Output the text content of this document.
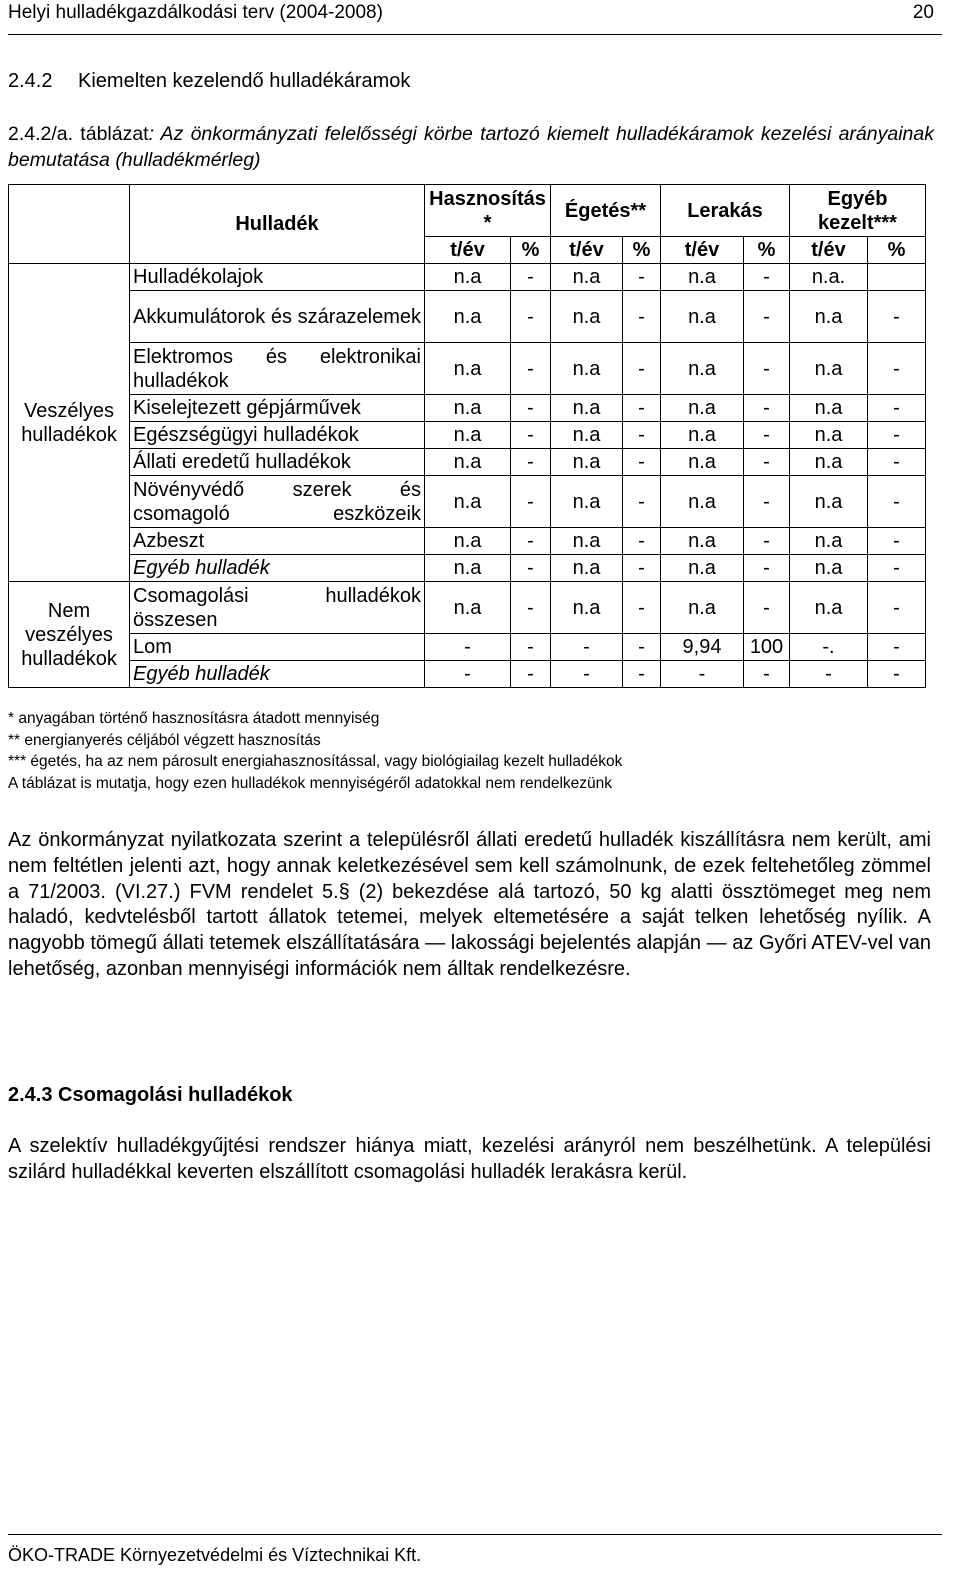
Helyi hulladékgazdálkodási terv (2004-2008)	20
2.4.2 Kiemelten kezelendő hulladékáramok
2.4.2/a. táblázat: Az önkormányzati felelősségi körbe tartozó kiemelt hulladékáramok kezelési arányainak bemutatása (hulladékmérleg)
	Hulladék	Hasznosítás *		Égetés**		Lerakás		Egyéb kezelt***	
		t/év	%	t/év	%	t/év	%	t/év	%
Veszélyes hulladékok	Hulladékolajok	n.a	-	n.a	-	n.a	-	n.a.	
	Akkumulátorok és szárazelemek	n.a	-	n.a	-	n.a	-	n.a	-
	Elektromos és elektronikai hulladékok	n.a	-	n.a	-	n.a	-	n.a	-
	Kiselejtezett gépjárművek	n.a	-	n.a	-	n.a	-	n.a	-
	Egészségügyi hulladékok	n.a	-	n.a	-	n.a	-	n.a	-
	Állati eredetű hulladékok	n.a	-	n.a	-	n.a	-	n.a	-
	Növényvédő szerek és csomagoló eszközeik	n.a	-	n.a	-	n.a	-	n.a	-
	Azbeszt	n.a	-	n.a	-	n.a	-	n.a	-
	Egyéb hulladék	n.a	-	n.a	-	n.a	-	n.a	-
Nem veszélyes hulladékok	Csomagolási hulladékok összesen	n.a	-	n.a	-	n.a	-	n.a	-
	Lom	-	-	-	-	9,94	100	-.	-
	Egyéb hulladék	-	-	-	-	-	-	-	-
* anyagában történő hasznosításra átadott mennyiség
** energianyerés céljából végzett hasznosítás
*** égetés, ha az nem párosult energiahasznosítással, vagy biológiailag kezelt hulladékok
A táblázat is mutatja, hogy ezen hulladékok mennyiségéről adatokkal nem rendelkezünk
Az önkormányzat nyilatkozata szerint a településről állati eredetű hulladék kiszállításra nem került, ami nem feltétlen jelenti azt, hogy annak keletkezésével sem kell számolnunk, de ezek feltehetőleg zömmel a 71/2003. (VI.27.) FVM rendelet 5.§ (2) bekezdése alá tartozó, 50 kg alatti össztömeget meg nem haladó, kedvtelésből tartott állatok tetemei, melyek eltemetésére a saját telken lehetőség nyílik. A nagyobb tömegű állati tetemek elszállítatására — lakossági bejelentés alapján — az Győri ATEV-vel van lehetőség, azonban mennyiségi információk nem álltak rendelkezésre.
2.4.3 Csomagolási hulladékok
A szelektív hulladékgyűjtési rendszer hiánya miatt, kezelési arányról nem beszélhetünk. A települési szilárd hulladékkal keverten elszállított csomagolási hulladék lerakásra kerül.
ÖKO-TRADE Környezetvédelmi és Víztechnikai Kft.
